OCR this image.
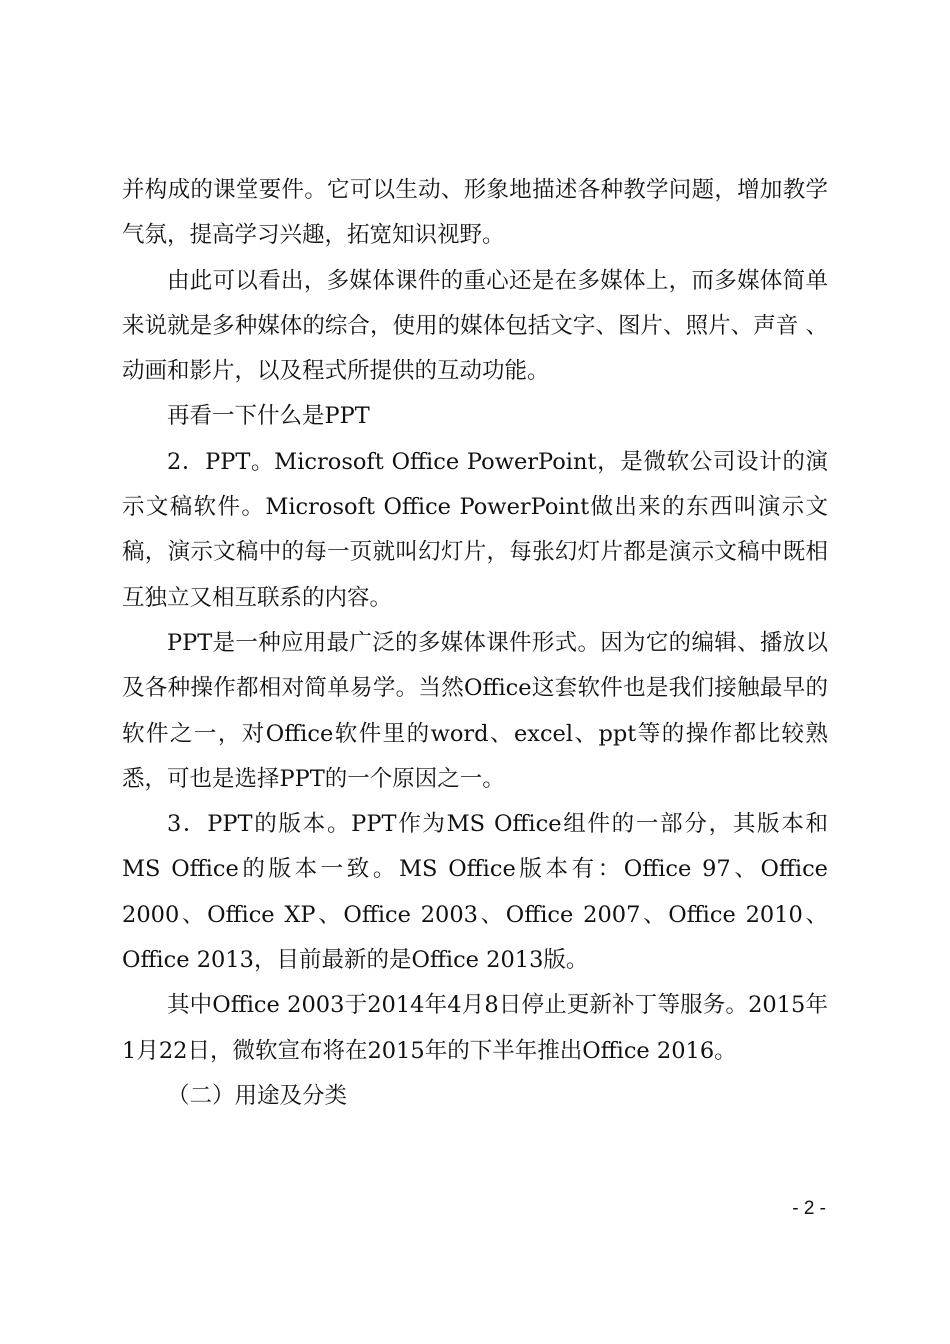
并构成的课堂要件。它可以生动、形象地描述各种教学问题，增加教学气氛，提高学习兴趣，拓宽知识视野。

由此可以看出，多媒体课件的重心还是在多媒体上，而多媒体简单来说就是多种媒体的综合，使用的媒体包括文字、图片、照片、声音 、动画和影片，以及程式所提供的互动功能。

再看一下什么是PPT

2．PPT。Microsoft Office PowerPoint，是微软公司设计的演示文稿软件。Microsoft Office PowerPoint做出来的东西叫演示文稿，演示文稿中的每一页就叫幻灯片，每张幻灯片都是演示文稿中既相互独立又相互联系的内容。

PPT是一种应用最广泛的多媒体课件形式。因为它的编辑、播放以及各种操作都相对简单易学。当然Office这套软件也是我们接触最早的软件之一，对Office软件里的word、excel、ppt等的操作都比较熟悉，可也是选择PPT的一个原因之一。

3．PPT的版本。PPT作为MS Office组件的一部分，其版本和MS Office的版本一致。MS Office版本有：Office 97、Office 2000、Office XP、Office 2003、Office 2007、Office 2010、Office 2013，目前最新的是Office 2013版。

其中Office 2003于2014年4月8日停止更新补丁等服务。2015年1月22日，微软宣布将在2015年的下半年推出Office 2016。

（二）用途及分类

- 2 -
